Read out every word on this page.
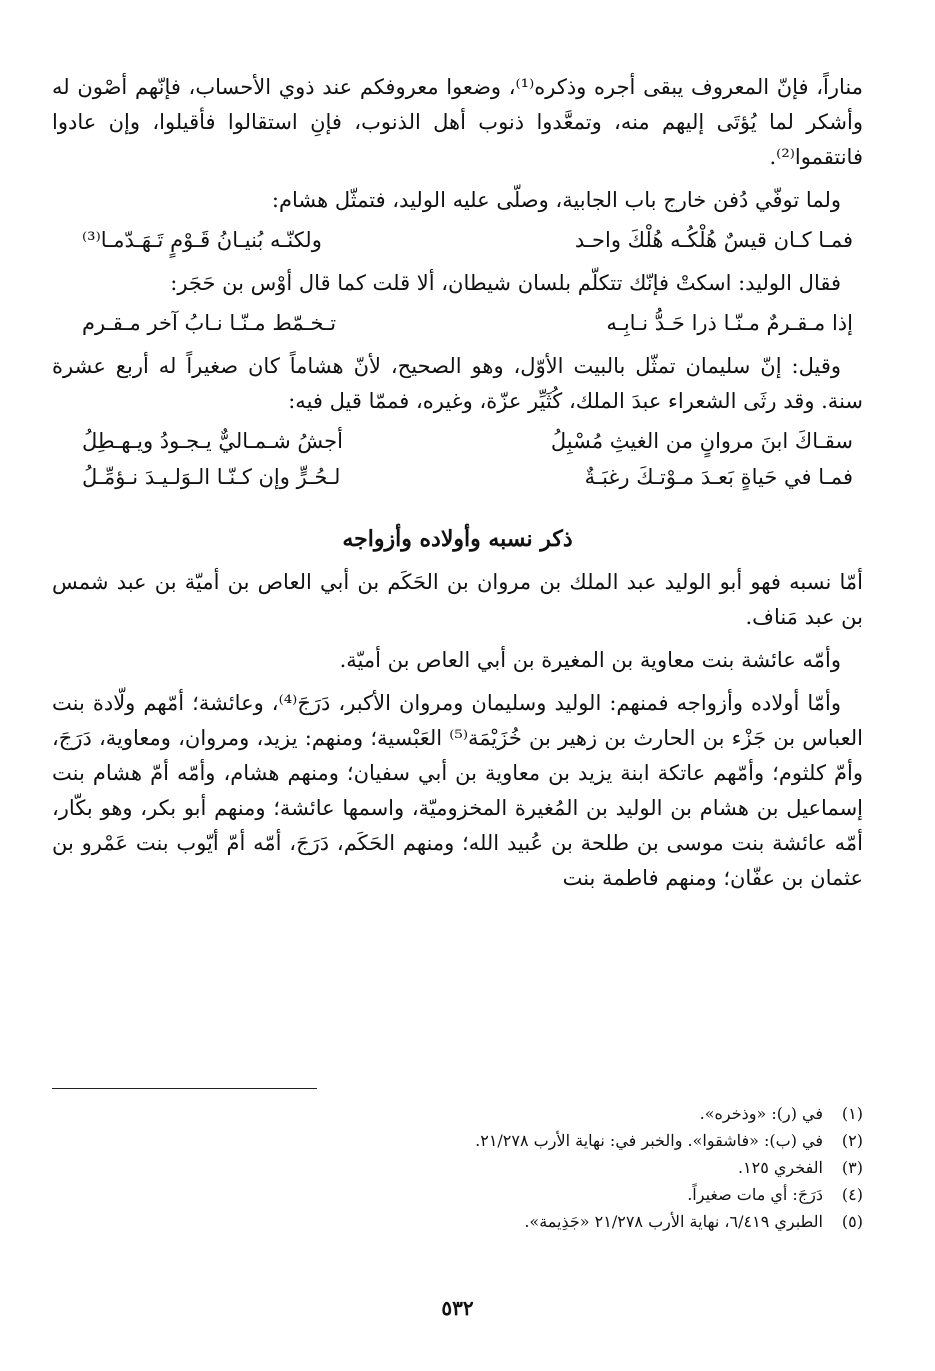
مناراً، فإنّ المعروف يبقى أجره وذكره⁽¹⁾، وضعوا معروفكم عند ذوي الأحساب، فإنّهم أصْون له وأشكر لما يُؤتَى إليهم منه، وتمعَّدوا ذنوب أهل الذنوب، فإنِ استقالوا فأقيلوا، وإن عادوا فانتقموا⁽²⁾.

ولما توفّي دُفن خارج باب الجابية، وصلّى عليه الوليد، فتمثّل هشام:

فمـا كـان قيسٌ هُلْكُـه هُلْكَ واحـد
ولكنّـه بُنيـانُ قَـوْمٍ تَـهَـدّمـا⁽³⁾

فقال الوليد: اسكتْ فإنّك تتكلّم بلسان شيطان، ألا قلت كما قال أوْس بن حَجَر:

إذا مـقـرمٌ مـنّـا ذرا حَـدُّ نـابِـه
تـخـمّط مـنّـا نـابُ آخر مـقـرم

وقيل: إنّ سليمان تمثّل بالبيت الأوّل، وهو الصحيح، لأنّ هشاماً كان صغيراً له أربع عشرة سنة. وقد رثَى الشعراء عبدَ الملك، كُثَيِّر عزّة، وغيره، فممّا قيل فيه:

سقـاكَ ابنَ مروانٍ من الغيثِ مُسْبِلُ
أجشُ شـمـاليٌّ يـجـودُ ويـهـطِلُ
فمـا في حَياةٍ بَعـدَ مـوْتـكَ رغبَـةٌ
لـحُـرٍّ وإن كـنّـا الـوَلـيـدَ نـؤمِّـلُ
ذكر نسبه وأولاده وأزواجه

أمّا نسبه فهو أبو الوليد عبد الملك بن مروان بن الحَكَم بن أبي العاص بن أميّة بن عبد شمس بن عبد مَناف.

وأمّه عائشة بنت معاوية بن المغيرة بن أبي العاص بن أميّة.

وأمّا أولاده وأزواجه فمنهم: الوليد وسليمان ومروان الأكبر، دَرَجَ⁽⁴⁾، وعائشة؛ أمّهم ولّادة بنت العباس بن جَزْء بن الحارث بن زهير بن خُزَيْمَة⁽⁵⁾ العَبْسية؛ ومنهم: يزيد، ومروان، ومعاوية، دَرَجَ، وأمّ كلثوم؛ وأمّهم عاتكة ابنة يزيد بن معاوية بن أبي سفيان؛ ومنهم هشام، وأمّه أمّ هشام بنت إسماعيل بن هشام بن الوليد بن المُغيرة المخزوميّة، واسمها عائشة؛ ومنهم أبو بكر، وهو بكّار، أمّه عائشة بنت موسى بن طلحة بن عُبيد الله؛ ومنهم الحَكَم، دَرَجَ، أمّه أمّ أيّوب بنت عَمْرو بن عثمان بن عفّان؛ ومنهم فاطمة بنت

(١)
في (ر): «وذخره».
(٢)
في (ب): «فاشقوا». والخبر في: نهاية الأرب ٢١/٢٧٨.
(٣)
الفخري ١٢٥.
(٤)
دَرَجَ: أي مات صغيراً.
(٥)
الطبري ٦/٤١٩، نهاية الأرب ٢١/٢٧٨ «جَذِيمة».
٥٣٢
